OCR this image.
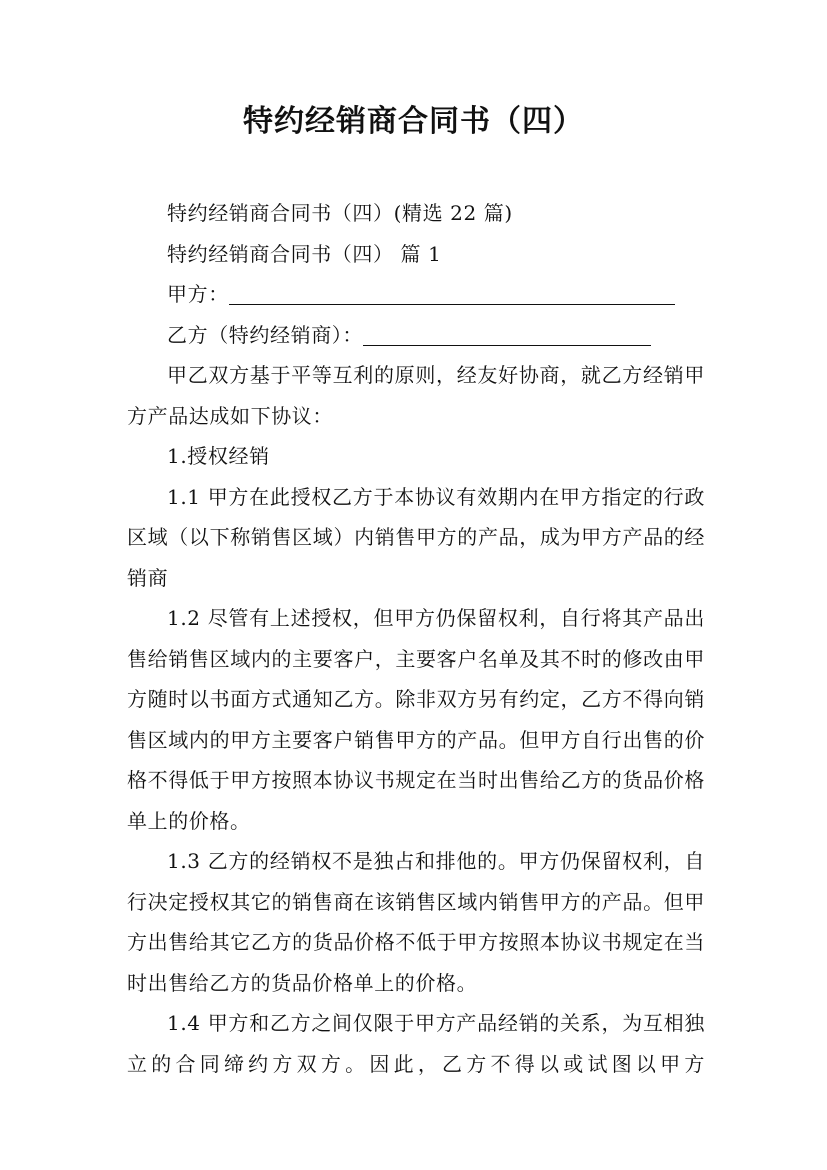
特约经销商合同书（四）

特约经销商合同书（四）(精选 22 篇)

特约经销商合同书（四） 篇 1

甲方：

乙方（特约经销商）：

甲乙双方基于平等互利的原则，经友好协商，就乙方经销甲方产品达成如下协议：

1.授权经销

1.1 甲方在此授权乙方于本协议有效期内在甲方指定的行政区域（以下称销售区域）内销售甲方的产品，成为甲方产品的经销商

1.2 尽管有上述授权，但甲方仍保留权利，自行将其产品出售给销售区域内的主要客户，主要客户名单及其不时的修改由甲方随时以书面方式通知乙方。除非双方另有约定，乙方不得向销售区域内的甲方主要客户销售甲方的产品。但甲方自行出售的价格不得低于甲方按照本协议书规定在当时出售给乙方的货品价格单上的价格。

1.3 乙方的经销权不是独占和排他的。甲方仍保留权利，自行决定授权其它的销售商在该销售区域内销售甲方的产品。但甲方出售给其它乙方的货品价格不低于甲方按照本协议书规定在当时出售给乙方的货品价格单上的价格。

1.4 甲方和乙方之间仅限于甲方产品经销的关系，为互相独立的合同缔约方双方。因此，乙方不得以或试图以甲方
